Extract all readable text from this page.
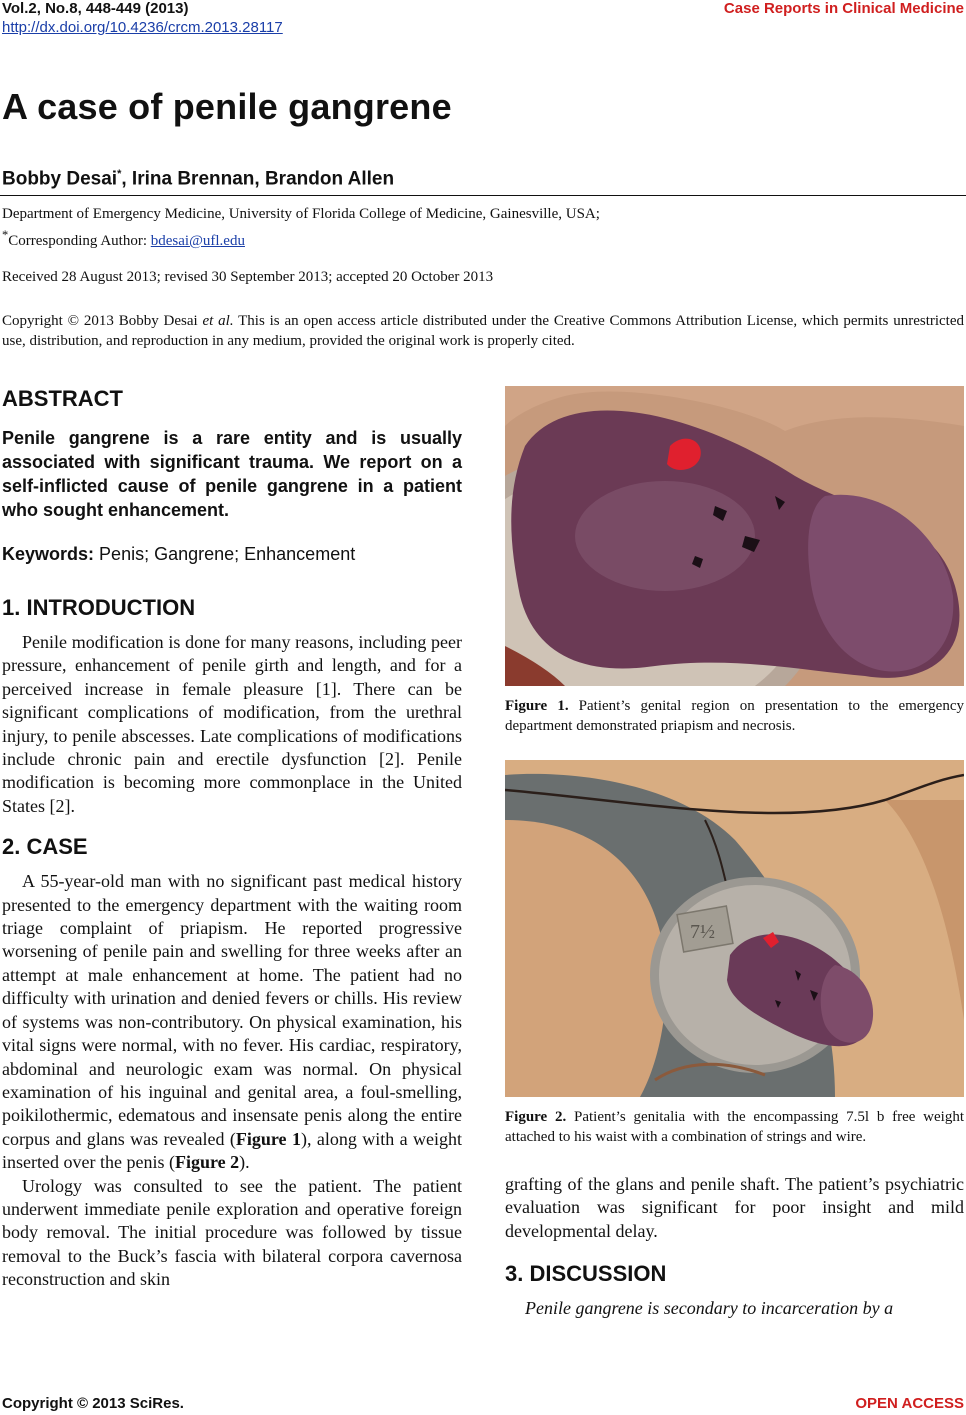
Vol.2, No.8, 448-449 (2013)
http://dx.doi.org/10.4236/crcm.2013.28117
Case Reports in Clinical Medicine
A case of penile gangrene
Bobby Desai*, Irina Brennan, Brandon Allen
Department of Emergency Medicine, University of Florida College of Medicine, Gainesville, USA;
*Corresponding Author: bdesai@ufl.edu
Received 28 August 2013; revised 30 September 2013; accepted 20 October 2013
Copyright © 2013 Bobby Desai et al. This is an open access article distributed under the Creative Commons Attribution License, which permits unrestricted use, distribution, and reproduction in any medium, provided the original work is properly cited.
ABSTRACT
Penile gangrene is a rare entity and is usually associated with significant trauma. We report on a self-inflicted cause of penile gangrene in a patient who sought enhancement.
Keywords: Penis; Gangrene; Enhancement
1. INTRODUCTION

Penile modification is done for many reasons, including peer pressure, enhancement of penile girth and length, and for a perceived increase in female pleasure [1]. There can be significant complications of modification, from the urethral injury, to penile abscesses. Late complications of modifications include chronic pain and erectile dysfunction [2]. Penile modification is becoming more commonplace in the United States [2].

2. CASE

A 55-year-old man with no significant past medical history presented to the emergency department with the waiting room triage complaint of priapism. He reported progressive worsening of penile pain and swelling for three weeks after an attempt at male enhancement at home. The patient had no difficulty with urination and denied fevers or chills. His review of systems was non-contributory. On physical examination, his vital signs were normal, with no fever. His cardiac, respiratory, abdominal and neurologic exam was normal. On physical examination of his inguinal and genital area, a foul-smelling, poikilothermic, edematous and insensate penis along the entire corpus and glans was revealed (Figure 1), along with a weight inserted over the penis (Figure 2).

Urology was consulted to see the patient. The patient underwent immediate penile exploration and operative foreign body removal. The initial procedure was followed by tissue removal to the Buck’s fascia with bilateral corpora cavernosa reconstruction and skin

Figure 1. Patient’s genital region on presentation to the emergency department demonstrated priapism and necrosis.
7½
Figure 2. Patient’s genitalia with the encompassing 7.5l b free weight attached to his waist with a combination of strings and wire.

grafting of the glans and penile shaft. The patient’s psychiatric evaluation was significant for poor insight and mild developmental delay.

3. DISCUSSION

Penile gangrene is secondary to incarceration by a

Copyright © 2013 SciRes.	OPEN ACCESS
